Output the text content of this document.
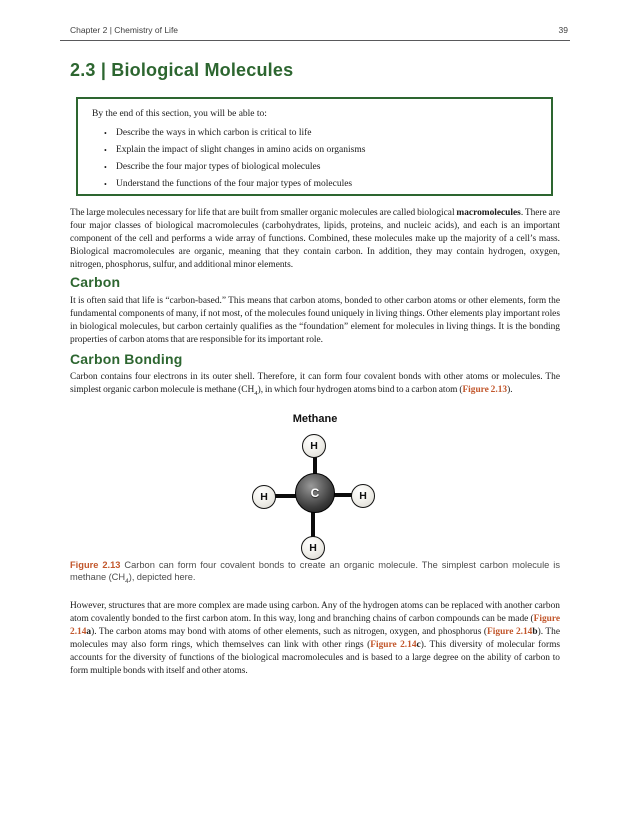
Chapter 2 | Chemistry of Life	39
2.3 | Biological Molecules
By the end of this section, you will be able to:
• Describe the ways in which carbon is critical to life
• Explain the impact of slight changes in amino acids on organisms
• Describe the four major types of biological molecules
• Understand the functions of the four major types of molecules

The large molecules necessary for life that are built from smaller organic molecules are called biological macromolecules. There are four major classes of biological macromolecules (carbohydrates, lipids, proteins, and nucleic acids), and each is an important component of the cell and performs a wide array of functions. Combined, these molecules make up the majority of a cell’s mass. Biological macromolecules are organic, meaning that they contain carbon. In addition, they may contain hydrogen, oxygen, nitrogen, phosphorus, sulfur, and additional minor elements.

Carbon

It is often said that life is “carbon-based.” This means that carbon atoms, bonded to other carbon atoms or other elements, form the fundamental components of many, if not most, of the molecules found uniquely in living things. Other elements play important roles in biological molecules, but carbon certainly qualifies as the “foundation” element for molecules in living things. It is the bonding properties of carbon atoms that are responsible for its important role.

Carbon Bonding

Carbon contains four electrons in its outer shell. Therefore, it can form four covalent bonds with other atoms or molecules. The simplest organic carbon molecule is methane $(CH_4)$, in which four hydrogen atoms bind to a carbon atom (Figure 2.13).

Methane
C
H
H	H
H

Figure 2.13 Carbon can form four covalent bonds to create an organic molecule. The simplest carbon molecule is methane $(CH_4)$, depicted here.

However, structures that are more complex are made using carbon. Any of the hydrogen atoms can be replaced with another carbon atom covalently bonded to the first carbon atom. In this way, long and branching chains of carbon compounds can be made (Figure 2.14a). The carbon atoms may bond with atoms of other elements, such as nitrogen, oxygen, and phosphorus (Figure 2.14b). The molecules may also form rings, which themselves can link with other rings (Figure 2.14c). This diversity of molecular forms accounts for the diversity of functions of the biological macromolecules and is based to a large degree on the ability of carbon to form multiple bonds with itself and other atoms.
